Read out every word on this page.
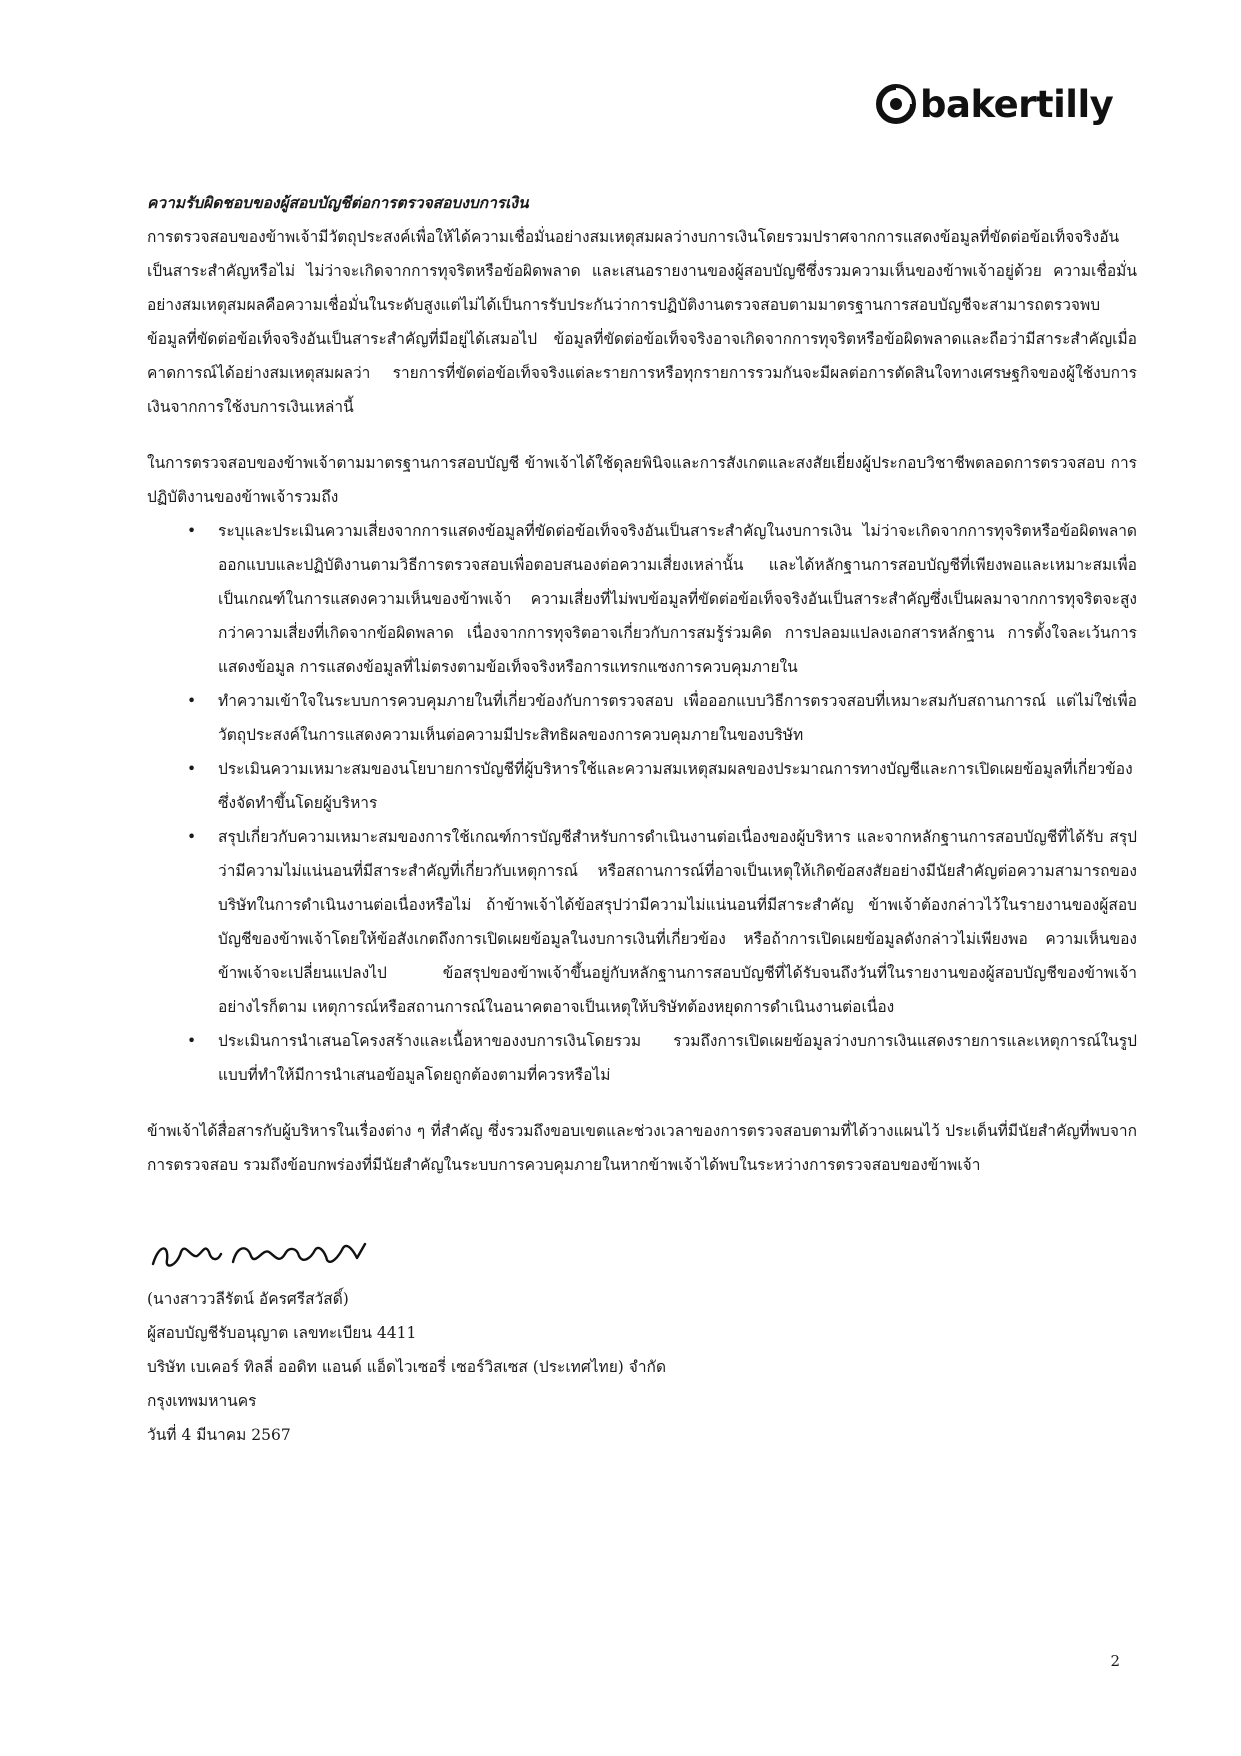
bakertilly

ความรับผิดชอบของผู้สอบบัญชีต่อการตรวจสอบงบการเงิน

การตรวจสอบของข้าพเจ้ามีวัตถุประสงค์เพื่อให้ได้ความเชื่อมั่นอย่างสมเหตุสมผลว่างบการเงินโดยรวมปราศจากการแสดงข้อมูลที่ขัดต่อข้อเท็จจริงอันเป็นสาระสำคัญหรือไม่ ไม่ว่าจะเกิดจากการทุจริตหรือข้อผิดพลาด และเสนอรายงานของผู้สอบบัญชีซึ่งรวมความเห็นของข้าพเจ้าอยู่ด้วย ความเชื่อมั่นอย่างสมเหตุสมผลคือความเชื่อมั่นในระดับสูงแต่ไม่ได้เป็นการรับประกันว่าการปฏิบัติงานตรวจสอบตามมาตรฐานการสอบบัญชีจะสามารถตรวจพบข้อมูลที่ขัดต่อข้อเท็จจริงอันเป็นสาระสำคัญที่มีอยู่ได้เสมอไป ข้อมูลที่ขัดต่อข้อเท็จจริงอาจเกิดจากการทุจริตหรือข้อผิดพลาดและถือว่ามีสาระสำคัญเมื่อคาดการณ์ได้อย่างสมเหตุสมผลว่า รายการที่ขัดต่อข้อเท็จจริงแต่ละรายการหรือทุกรายการรวมกันจะมีผลต่อการตัดสินใจทางเศรษฐกิจของผู้ใช้งบการเงินจากการใช้งบการเงินเหล่านี้

ในการตรวจสอบของข้าพเจ้าตามมาตรฐานการสอบบัญชี ข้าพเจ้าได้ใช้ดุลยพินิจและการสังเกตและสงสัยเยี่ยงผู้ประกอบวิชาชีพตลอดการตรวจสอบ การปฏิบัติงานของข้าพเจ้ารวมถึง

• ระบุและประเมินความเสี่ยงจากการแสดงข้อมูลที่ขัดต่อข้อเท็จจริงอันเป็นสาระสำคัญในงบการเงิน ไม่ว่าจะเกิดจากการทุจริตหรือข้อผิดพลาด ออกแบบและปฏิบัติงานตามวิธีการตรวจสอบเพื่อตอบสนองต่อความเสี่ยงเหล่านั้น และได้หลักฐานการสอบบัญชีที่เพียงพอและเหมาะสมเพื่อเป็นเกณฑ์ในการแสดงความเห็นของข้าพเจ้า ความเสี่ยงที่ไม่พบข้อมูลที่ขัดต่อข้อเท็จจริงอันเป็นสาระสำคัญซึ่งเป็นผลมาจากการทุจริตจะสูงกว่าความเสี่ยงที่เกิดจากข้อผิดพลาด เนื่องจากการทุจริตอาจเกี่ยวกับการสมรู้ร่วมคิด การปลอมแปลงเอกสารหลักฐาน การตั้งใจละเว้นการแสดงข้อมูล การแสดงข้อมูลที่ไม่ตรงตามข้อเท็จจริงหรือการแทรกแซงการควบคุมภายใน
• ทำความเข้าใจในระบบการควบคุมภายในที่เกี่ยวข้องกับการตรวจสอบ เพื่อออกแบบวิธีการตรวจสอบที่เหมาะสมกับสถานการณ์ แต่ไม่ใช่เพื่อวัตถุประสงค์ในการแสดงความเห็นต่อความมีประสิทธิผลของการควบคุมภายในของบริษัท
• ประเมินความเหมาะสมของนโยบายการบัญชีที่ผู้บริหารใช้และความสมเหตุสมผลของประมาณการทางบัญชีและการเปิดเผยข้อมูลที่เกี่ยวข้องซึ่งจัดทำขึ้นโดยผู้บริหาร
• สรุปเกี่ยวกับความเหมาะสมของการใช้เกณฑ์การบัญชีสำหรับการดำเนินงานต่อเนื่องของผู้บริหาร และจากหลักฐานการสอบบัญชีที่ได้รับ สรุปว่ามีความไม่แน่นอนที่มีสาระสำคัญที่เกี่ยวกับเหตุการณ์ หรือสถานการณ์ที่อาจเป็นเหตุให้เกิดข้อสงสัยอย่างมีนัยสำคัญต่อความสามารถของบริษัทในการดำเนินงานต่อเนื่องหรือไม่ ถ้าข้าพเจ้าได้ข้อสรุปว่ามีความไม่แน่นอนที่มีสาระสำคัญ ข้าพเจ้าต้องกล่าวไว้ในรายงานของผู้สอบบัญชีของข้าพเจ้าโดยให้ข้อสังเกตถึงการเปิดเผยข้อมูลในงบการเงินที่เกี่ยวข้อง หรือถ้าการเปิดเผยข้อมูลดังกล่าวไม่เพียงพอ ความเห็นของข้าพเจ้าจะเปลี่ยนแปลงไป ข้อสรุปของข้าพเจ้าขึ้นอยู่กับหลักฐานการสอบบัญชีที่ได้รับจนถึงวันที่ในรายงานของผู้สอบบัญชีของข้าพเจ้า อย่างไรก็ตาม เหตุการณ์หรือสถานการณ์ในอนาคตอาจเป็นเหตุให้บริษัทต้องหยุดการดำเนินงานต่อเนื่อง
• ประเมินการนำเสนอโครงสร้างและเนื้อหาของงบการเงินโดยรวม รวมถึงการเปิดเผยข้อมูลว่างบการเงินแสดงรายการและเหตุการณ์ในรูปแบบที่ทำให้มีการนำเสนอข้อมูลโดยถูกต้องตามที่ควรหรือไม่

ข้าพเจ้าได้สื่อสารกับผู้บริหารในเรื่องต่าง ๆ ที่สำคัญ ซึ่งรวมถึงขอบเขตและช่วงเวลาของการตรวจสอบตามที่ได้วางแผนไว้ ประเด็นที่มีนัยสำคัญที่พบจากการตรวจสอบ รวมถึงข้อบกพร่องที่มีนัยสำคัญในระบบการควบคุมภายในหากข้าพเจ้าได้พบในระหว่างการตรวจสอบของข้าพเจ้า

(นางสาววลีรัตน์ อัครศรีสวัสดิ์)

ผู้สอบบัญชีรับอนุญาต เลขทะเบียน 4411

บริษัท เบเคอร์ ทิลลี่ ออดิท แอนด์ แอ็ดไวเซอรี่ เซอร์วิสเซส (ประเทศไทย) จำกัด

กรุงเทพมหานคร

วันที่ 4 มีนาคม 2567

2
